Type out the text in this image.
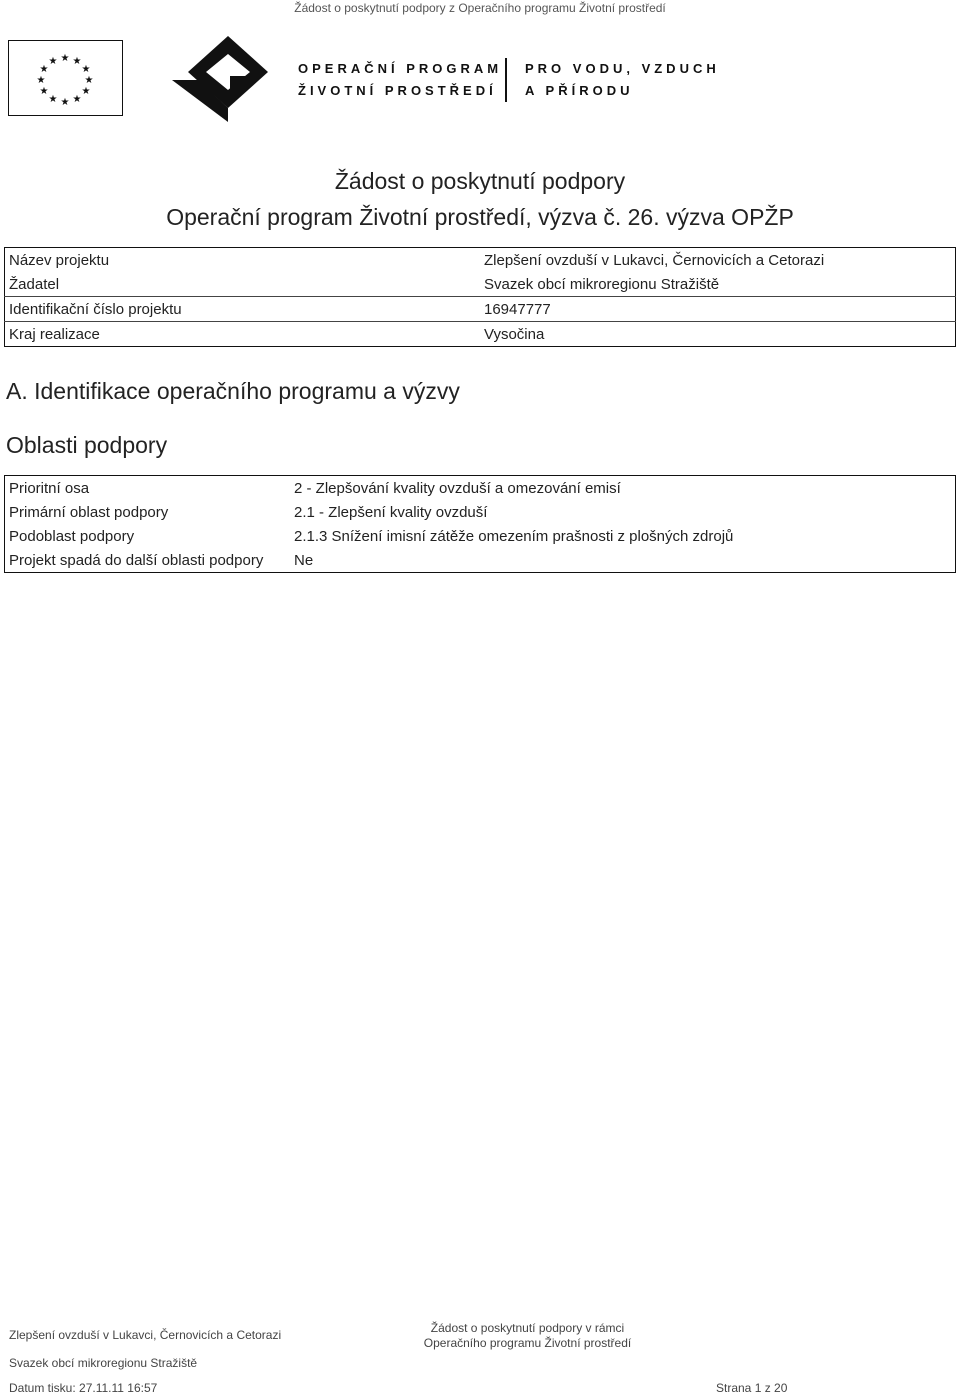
Žádost o poskytnutí podpory z Operačního programu Životní prostředí
★ ★
★
★
★
★
★
★
★
★
★
★	OPERAČNÍ PROGRAM	PRO VODU, VZDUCH
ŽIVOTNÍ PROSTŘEDÍ	A PŘÍRODU
Žádost o poskytnutí podpory
Operační program Životní prostředí, výzva č. 26. výzva OPŽP
Název projektu	Zlepšení ovzduší v Lukavci, Černovicích a Cetorazi
Žadatel	Svazek obcí mikroregionu Stražiště
Identifikační číslo projektu	16947777
Kraj realizace	Vysočina
A. Identifikace operačního programu a výzvy
Oblasti podpory
Prioritní osa	2 - Zlepšování kvality ovzduší a omezování emisí
Primární oblast podpory	2.1 - Zlepšení kvality ovzduší
Podoblast podpory	2.1.3 Snížení imisní zátěže omezením prašnosti z plošných zdrojů
Projekt spadá do další oblasti podpory	Ne
Zlepšení ovzduší v Lukavci, Černovicích a Cetorazi	Žádost o poskytnutí podpory v rámci
Operačního programu Životní prostředí
Svazek obcí mikroregionu Stražiště
Datum tisku: 27.11.11 16:57	Strana 1 z 20
